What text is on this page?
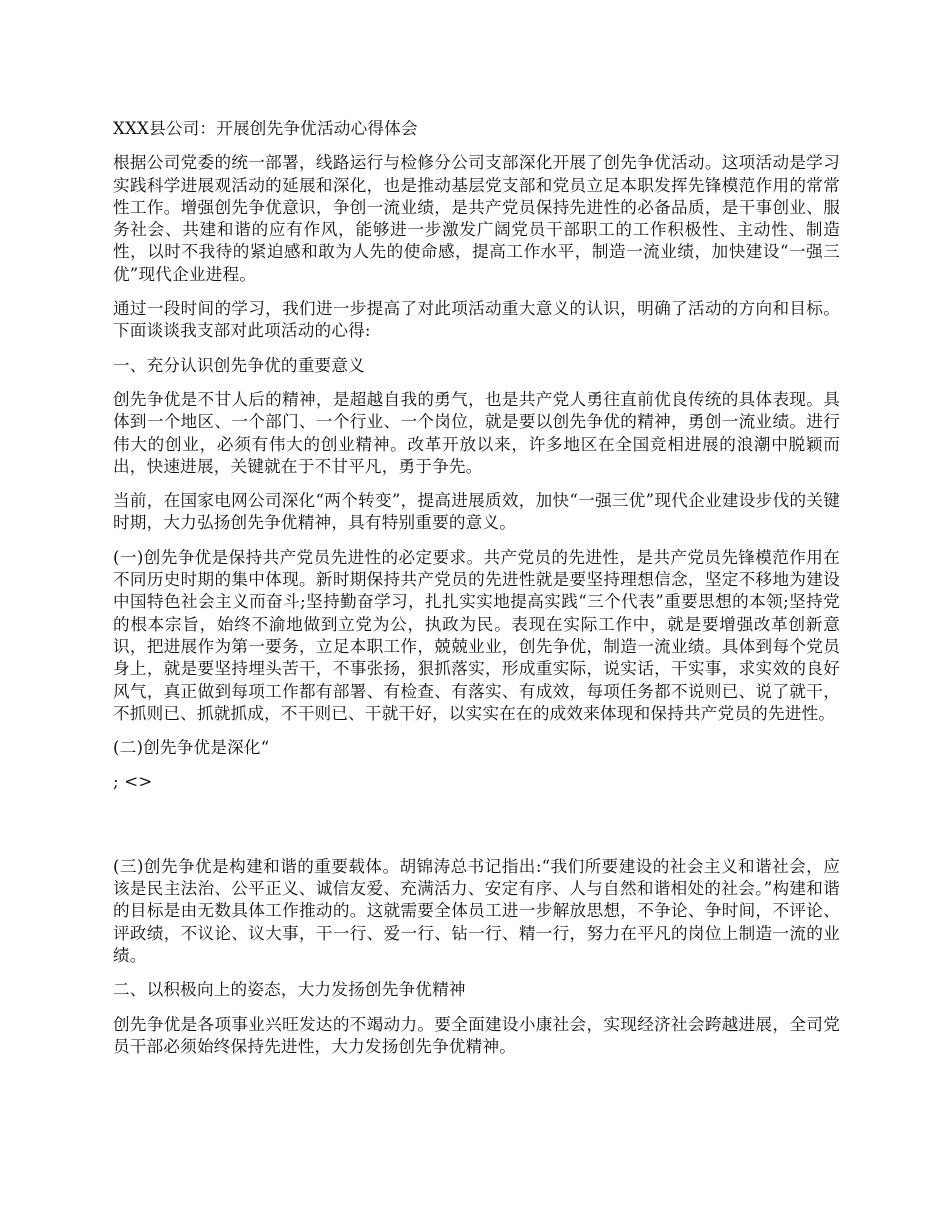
XXX县公司：开展创先争优活动心得体会

根据公司党委的统一部署，线路运行与检修分公司支部深化开展了创先争优活动。这项活动是学习实践科学进展观活动的延展和深化，也是推动基层党支部和党员立足本职发挥先锋模范作用的常常性工作。增强创先争优意识，争创一流业绩，是共产党员保持先进性的必备品质，是干事创业、服务社会、共建和谐的应有作风，能够进一步激发广阔党员干部职工的工作积极性、主动性、制造性，以时不我待的紧迫感和敢为人先的使命感，提高工作水平，制造一流业绩，加快建设“一强三优”现代企业进程。

通过一段时间的学习，我们进一步提高了对此项活动重大意义的认识，明确了活动的方向和目标。下面谈谈我支部对此项活动的心得:

一、充分认识创先争优的重要意义

创先争优是不甘人后的精神，是超越自我的勇气，也是共产党人勇往直前优良传统的具体表现。具体到一个地区、一个部门、一个行业、一个岗位，就是要以创先争优的精神，勇创一流业绩。进行伟大的创业，必须有伟大的创业精神。改革开放以来，许多地区在全国竞相进展的浪潮中脱颖而出，快速进展，关键就在于不甘平凡，勇于争先。

当前，在国家电网公司深化“两个转变”，提高进展质效，加快“一强三优”现代企业建设步伐的关键时期，大力弘扬创先争优精神，具有特别重要的意义。

(一)创先争优是保持共产党员先进性的必定要求。共产党员的先进性，是共产党员先锋模范作用在不同历史时期的集中体现。新时期保持共产党员的先进性就是要坚持理想信念，坚定不移地为建设中国特色社会主义而奋斗;坚持勤奋学习，扎扎实实地提高实践“三个代表”重要思想的本领;坚持党的根本宗旨，始终不渝地做到立党为公，执政为民。表现在实际工作中，就是要增强改革创新意识，把进展作为第一要务，立足本职工作，兢兢业业，创先争优，制造一流业绩。具体到每个党员身上，就是要坚持埋头苦干，不事张扬，狠抓落实，形成重实际，说实话，干实事，求实效的良好风气，真正做到每项工作都有部署、有检查、有落实、有成效，每项任务都不说则已、说了就干，不抓则已、抓就抓成，不干则已、干就干好，以实实在在的成效来体现和保持共产党员的先进性。

(二)创先争优是深化“

; <>

(三)创先争优是构建和谐的重要载体。胡锦涛总书记指出:“我们所要建设的社会主义和谐社会，应该是民主法治、公平正义、诚信友爱、充满活力、安定有序、人与自然和谐相处的社会。”构建和谐的目标是由无数具体工作推动的。这就需要全体员工进一步解放思想，不争论、争时间，不评论、评政绩，不议论、议大事，干一行、爱一行、钻一行、精一行，努力在平凡的岗位上制造一流的业绩。

二、以积极向上的姿态，大力发扬创先争优精神

创先争优是各项事业兴旺发达的不竭动力。要全面建设小康社会，实现经济社会跨越进展，全司党员干部必须始终保持先进性，大力发扬创先争优精神。
